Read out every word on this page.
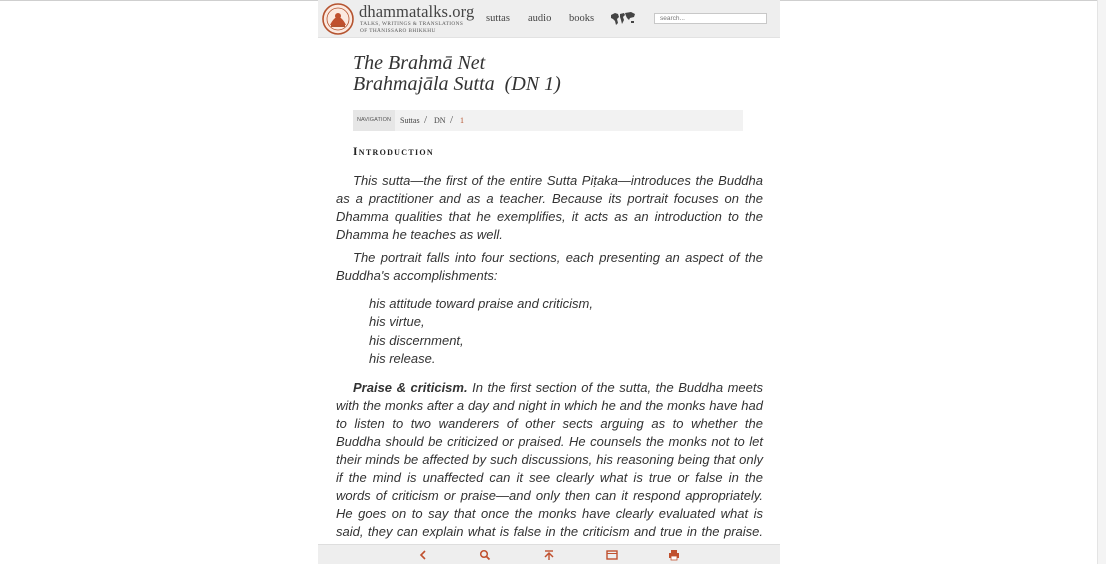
dhammatalks.org
TALKS, WRITINGS & TRANSLATIONS
OF THĀNISSARO BHIKKHU
suttas audio books
search...
The Brahmā Net
Brahmajāla Sutta (DN 1)
NAVIGATION	Suttas / DN / 1
Introduction

This sutta—the first of the entire Sutta Piṭaka—introduces the Buddha as a practitioner and as a teacher. Because its portrait focuses on the Dhamma qualities that he exemplifies, it acts as an introduction to the Dhamma he teaches as well.

The portrait falls into four sections, each presenting an aspect of the Buddha's accomplishments:

his attitude toward praise and criticism,
his virtue,
his discernment,
his release.

Praise & criticism. In the first section of the sutta, the Buddha meets with the monks after a day and night in which he and the monks have had to listen to two wanderers of other sects arguing as to whether the Buddha should be criticized or praised. He counsels the monks not to let their minds be affected by such discussions, his reasoning being that only if the mind is unaffected can it see clearly what is true or false in the words of criticism or praise—and only then can it respond appropriately. He goes on to say that once the monks have clearly evaluated what is said, they can explain what is false in the criticism and true in the praise.
